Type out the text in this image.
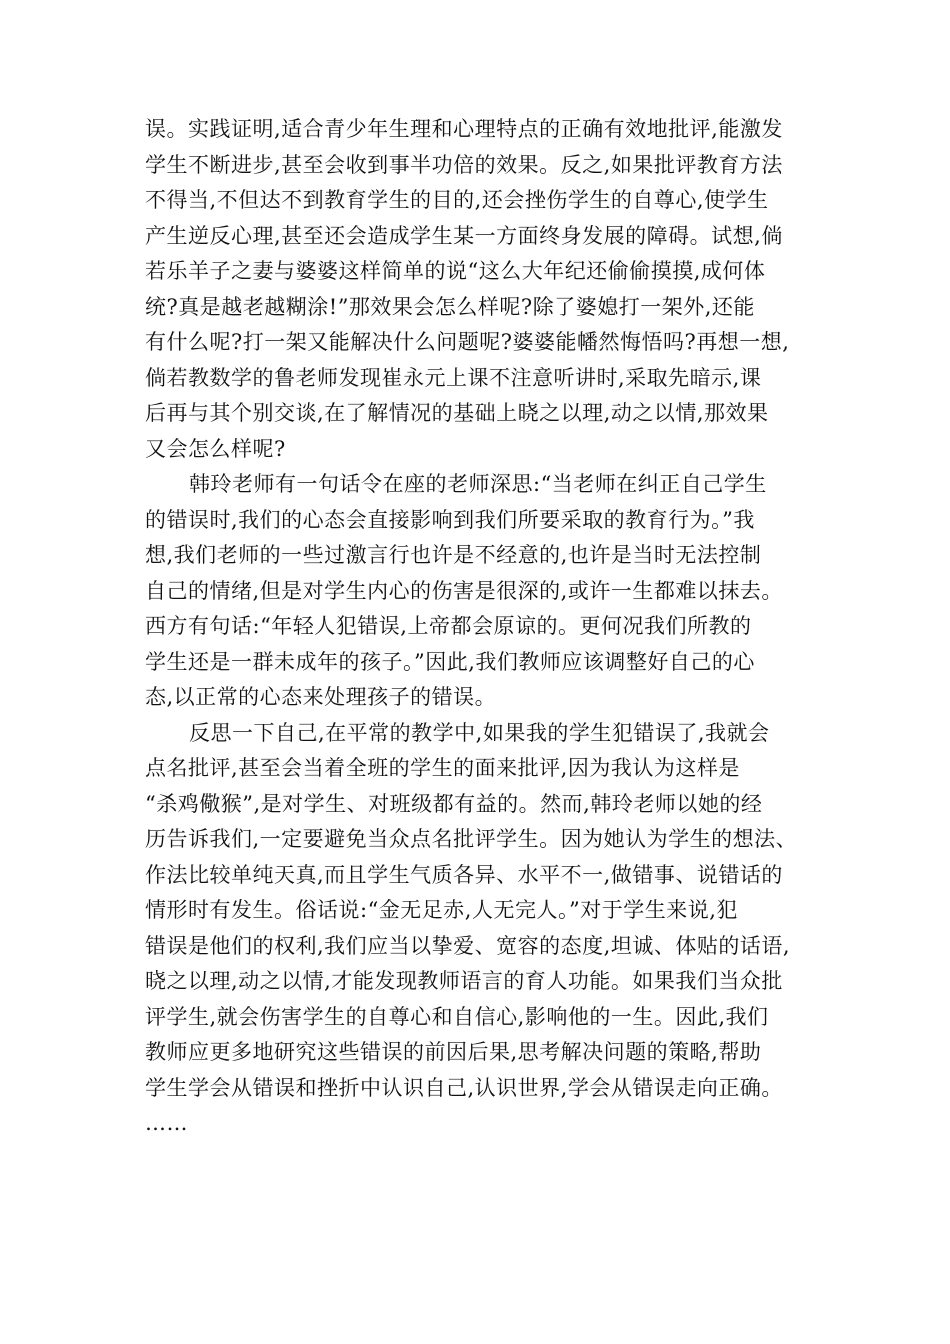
误。实践证明,适合青少年生理和心理特点的正确有效地批评,能激发
学生不断进步,甚至会收到事半功倍的效果。反之,如果批评教育方法
不得当,不但达不到教育学生的目的,还会挫伤学生的自尊心,使学生
产生逆反心理,甚至还会造成学生某一方面终身发展的障碍。试想,倘
若乐羊子之妻与婆婆这样简单的说“这么大年纪还偷偷摸摸,成何体
统?真是越老越糊涂!”那效果会怎么样呢?除了婆媳打一架外,还能
有什么呢?打一架又能解决什么问题呢?婆婆能幡然悔悟吗?再想一想,
倘若教数学的鲁老师发现崔永元上课不注意听讲时,采取先暗示,课
后再与其个别交谈,在了解情况的基础上晓之以理,动之以情,那效果
又会怎么样呢?
韩玲老师有一句话令在座的老师深思:“当老师在纠正自己学生
的错误时,我们的心态会直接影响到我们所要采取的教育行为。”我
想,我们老师的一些过激言行也许是不经意的,也许是当时无法控制
自己的情绪,但是对学生内心的伤害是很深的,或许一生都难以抹去。
西方有句话:“年轻人犯错误,上帝都会原谅的。更何况我们所教的
学生还是一群未成年的孩子。”因此,我们教师应该调整好自己的心
态,以正常的心态来处理孩子的错误。
反思一下自己,在平常的教学中,如果我的学生犯错误了,我就会
点名批评,甚至会当着全班的学生的面来批评,因为我认为这样是
“杀鸡儆猴”,是对学生、对班级都有益的。然而,韩玲老师以她的经
历告诉我们,一定要避免当众点名批评学生。因为她认为学生的想法、
作法比较单纯天真,而且学生气质各异、水平不一,做错事、说错话的
情形时有发生。俗话说:“金无足赤,人无完人。”对于学生来说,犯
错误是他们的权利,我们应当以挚爱、宽容的态度,坦诚、体贴的话语,
晓之以理,动之以情,才能发现教师语言的育人功能。如果我们当众批
评学生,就会伤害学生的自尊心和自信心,影响他的一生。因此,我们
教师应更多地研究这些错误的前因后果,思考解决问题的策略,帮助
学生学会从错误和挫折中认识自己,认识世界,学会从错误走向正确。
……
